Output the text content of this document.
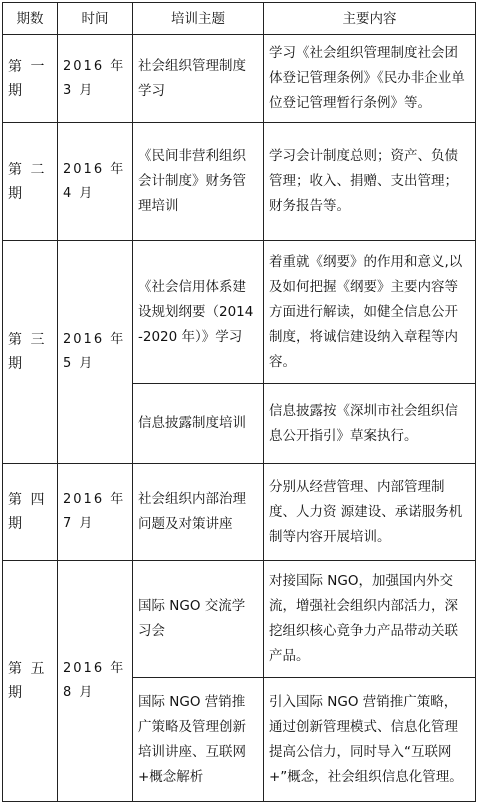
期数	时间	培训主题	主要内容
第 一 期	2016 年 3 月	社会组织管理制度学习	学习《社会组织管理制度社会团体登记管理条例》《民办非企业单位登记管理暂行条例》等。
第 二 期	2016 年 4 月	《民间非营利组织会计制度》财务管理培训	学习会计制度总则；资产、负债管理；收入、捐赠、支出管理；财务报告等。
第 三 期	2016 年 5 月	《社会信用体系建设规划纲要（2014-2020 年）》学习	着重就《纲要》的作用和意义,以及如何把握《纲要》主要内容等方面进行解读，如健全信息公开制度，将诚信建设纳入章程等内容。
		信息披露制度培训	信息披露按《深圳市社会组织信息公开指引》草案执行。
第 四 期	2016 年 7 月	社会组织内部治理问题及对策讲座	分别从经营管理、内部管理制度、人力资 源建设、承诺服务机制等内容开展培训。
第 五 期	2016 年 8 月	国际 NGO 交流学习会	对接国际 NGO，加强国内外交流，增强社会组织内部活力，深挖组织核心竟争力产品带动关联产品。
		国际 NGO 营销推广策略及管理创新培训讲座、互联网+概念解析	引入国际 NGO 营销推广策略，通过创新管理模式、信息化管理提高公信力，同时导入“互联网+”概念，社会组织信息化管理。
